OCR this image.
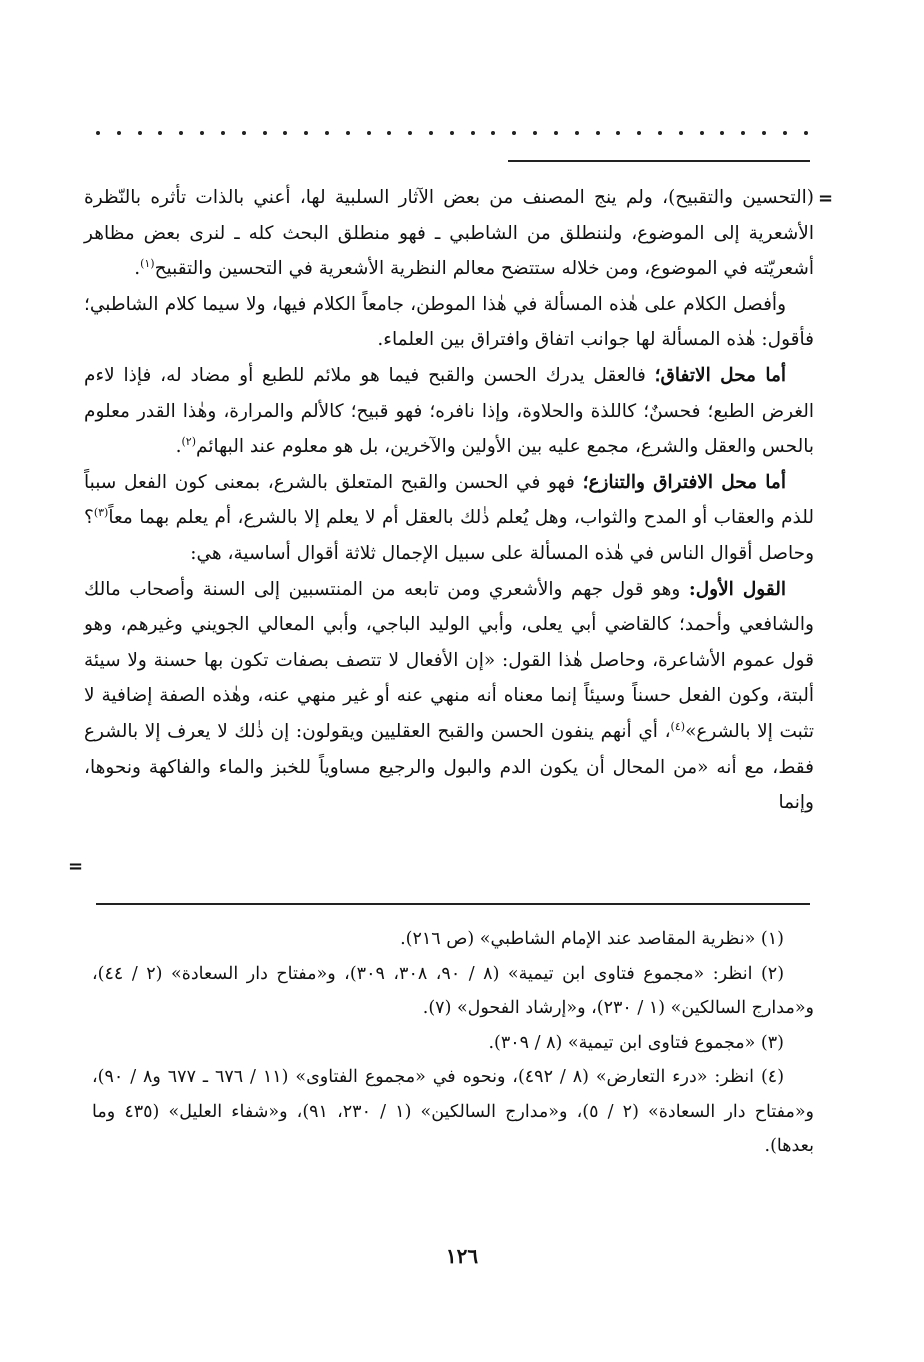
=

(التحسين والتقبيح)، ولم ينج المصنف من بعض الآثار السلبية لها، أعني بالذات تأثره بالنّظرة الأشعرية إلى الموضوع، ولننطلق من الشاطبي ـ فهو منطلق البحث كله ـ لنرى بعض مظاهر أشعريّته في الموضوع، ومن خلاله ستتضح معالم النظرية الأشعرية في التحسين والتقبيح$^{(١)}$.

وأفصل الكلام على هٰذه المسألة في هٰذا الموطن، جامعاً الكلام فيها، ولا سيما كلام الشاطبي؛ فأقول: هٰذه المسألة لها جوانب اتفاق وافتراق بين العلماء.

أما محل الاتفاق؛ فالعقل يدرك الحسن والقبح فيما هو ملائم للطبع أو مضاد له، فإذا لاءم الغرض الطبع؛ فحسنٌ؛ كاللذة والحلاوة، وإذا نافره؛ فهو قبيح؛ كالألم والمرارة، وهٰذا القدر معلوم بالحس والعقل والشرع، مجمع عليه بين الأولين والآخرين، بل هو معلوم عند البهائم$^{(٢)}$.

أما محل الافتراق والتنازع؛ فهو في الحسن والقبح المتعلق بالشرع، بمعنى كون الفعل سبباً للذم والعقاب أو المدح والثواب، وهل يُعلم ذٰلك بالعقل أم لا يعلم إلا بالشرع، أم يعلم بهما معاً$^{(٣)}$؟ وحاصل أقوال الناس في هٰذه المسألة على سبيل الإجمال ثلاثة أقوال أساسية، هي:

القول الأول: وهو قول جهم والأشعري ومن تابعه من المنتسبين إلى السنة وأصحاب مالك والشافعي وأحمد؛ كالقاضي أبي يعلى، وأبي الوليد الباجي، وأبي المعالي الجويني وغيرهم، وهو قول عموم الأشاعرة، وحاصل هٰذا القول: «إن الأفعال لا تتصف بصفات تكون بها حسنة ولا سيئة ألبتة، وكون الفعل حسناً وسيئاً إنما معناه أنه منهي عنه أو غير منهي عنه، وهٰذه الصفة إضافية لا تثبت إلا بالشرع»$^{(٤)}$، أي أنهم ينفون الحسن والقبح العقليين ويقولون: إن ذٰلك لا يعرف إلا بالشرع فقط، مع أنه «من المحال أن يكون الدم والبول والرجيع مساوياً للخبز والماء والفاكهة ونحوها، وإنما

=

(١) «نظرية المقاصد عند الإمام الشاطبي» (ص ٢١٦).

(٢) انظر: «مجموع فتاوى ابن تيمية» (٨ / ٩٠، ٣٠٨، ٣٠٩)، و«مفتاح دار السعادة» (٢ / ٤٤)، و«مدارج السالكين» (١ / ٢٣٠)، و«إرشاد الفحول» (٧).

(٣) «مجموع فتاوى ابن تيمية» (٨ / ٣٠٩).

(٤) انظر: «درء التعارض» (٨ / ٤٩٢)، ونحوه في «مجموع الفتاوى» (١١ / ٦٧٦ ـ ٦٧٧ و٨ / ٩٠)، و«مفتاح دار السعادة» (٢ / ٥)، و«مدارج السالكين» (١ / ٢٣٠، ٩١)، و«شفاء العليل» (٤٣٥ وما بعدها).

١٢٦
